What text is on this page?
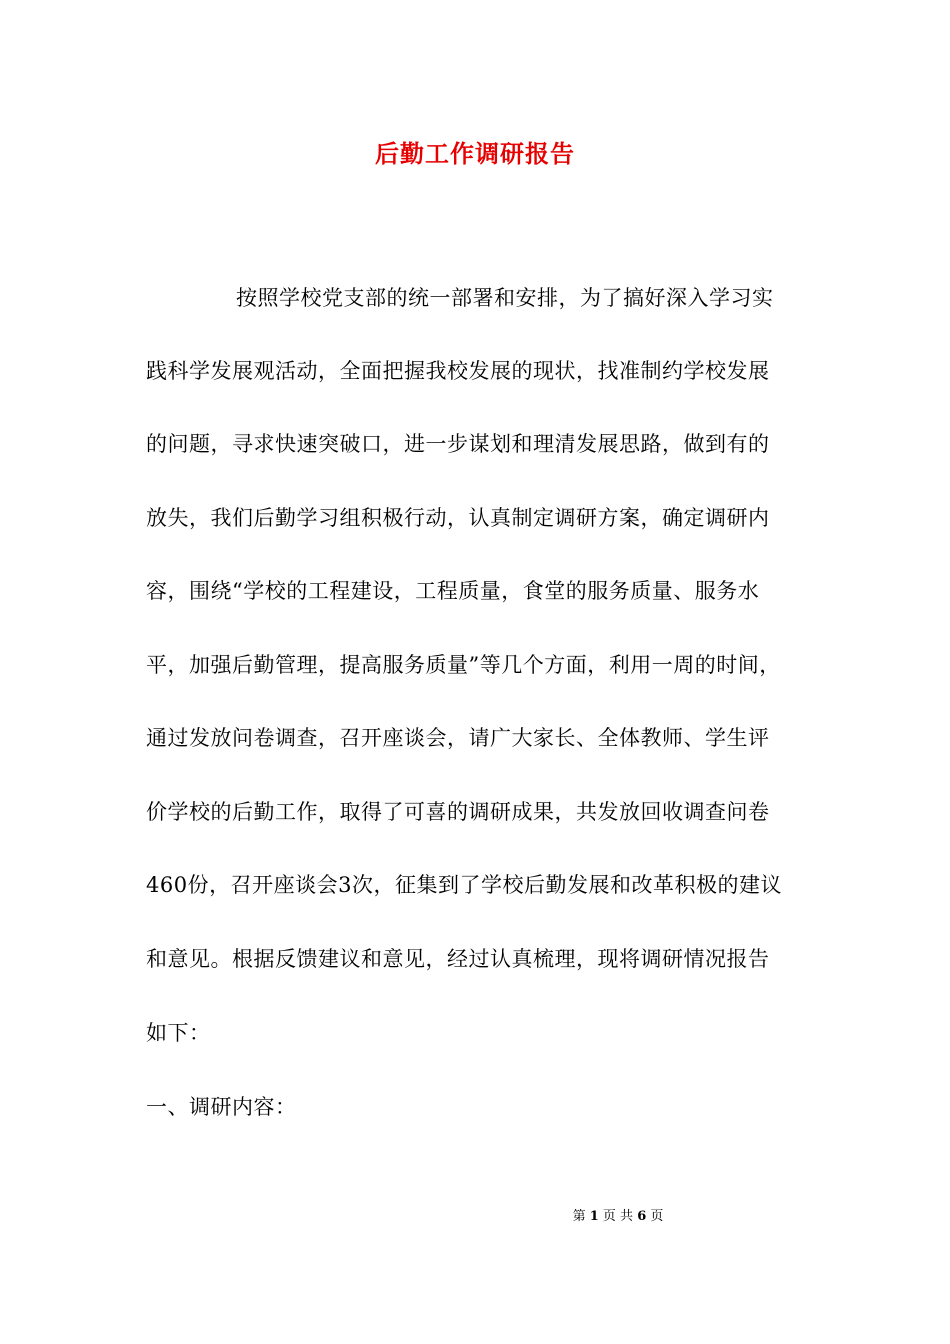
后勤工作调研报告
按照学校党支部的统一部署和安排，为了搞好深入学习实
践科学发展观活动，全面把握我校发展的现状，找准制约学校发展
的问题，寻求快速突破口，进一步谋划和理清发展思路，做到有的
放失，我们后勤学习组积极行动，认真制定调研方案，确定调研内
容，围绕“学校的工程建设，工程质量，食堂的服务质量、服务水
平，加强后勤管理，提高服务质量”等几个方面，利用一周的时间，
通过发放问卷调查，召开座谈会，请广大家长、全体教师、学生评
价学校的后勤工作，取得了可喜的调研成果，共发放回收调查问卷
460份，召开座谈会3次，征集到了学校后勤发展和改革积极的建议
和意见。根据反馈建议和意见，经过认真梳理，现将调研情况报告
如下：
一、调研内容：
第 1 页 共 6 页
